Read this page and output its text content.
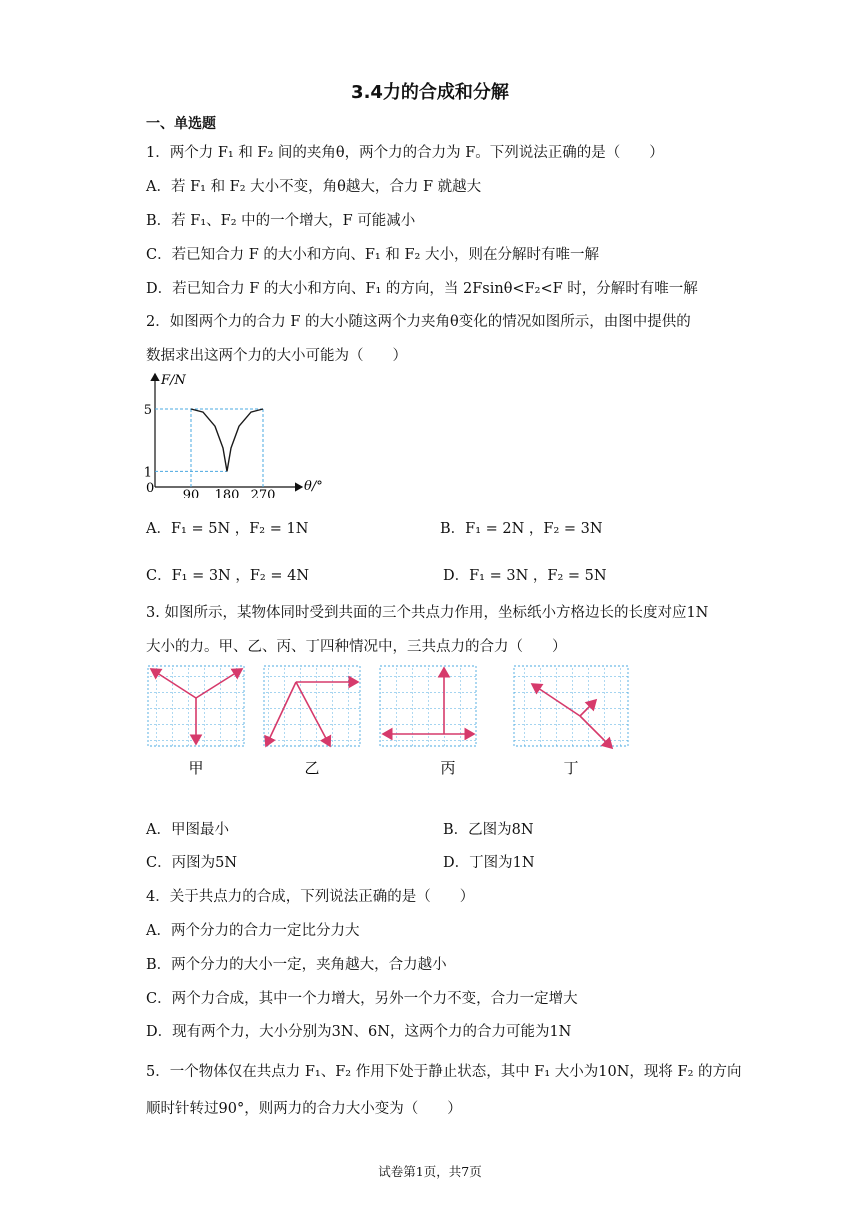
3.4力的合成和分解
一、单选题
1．两个力 F₁ 和 F₂ 间的夹角θ，两个力的合力为 F。下列说法正确的是（　　）
A．若 F₁ 和 F₂ 大小不变，角θ越大，合力 F 就越大
B．若 F₁、F₂ 中的一个增大，F 可能减小
C．若已知合力 F 的大小和方向、F₁ 和 F₂ 大小，则在分解时有唯一解
D．若已知合力 F 的大小和方向、F₁ 的方向，当 2Fsinθ<F₂<F 时，分解时有唯一解
2．如图两个力的合力 F 的大小随这两个力夹角θ变化的情况如图所示，由图中提供的
数据求出这两个力的大小可能为（　　）
F/N
θ/°
0 90 180 270
1
5
A．F₁ = 5N ，F₂ = 1N	B．F₁ = 2N ，F₂ = 3N
C．F₁ = 3N ，F₂ = 4N	D．F₁ = 3N ，F₂ = 5N
3. 如图所示，某物体同时受到共面的三个共点力作用，坐标纸小方格边长的长度对应1N
大小的力。甲、乙、丙、丁四种情况中，三共点力的合力（　　）
甲	乙	丙	丁
A．甲图最小	B．乙图为8N
C．丙图为5N	D．丁图为1N
4．关于共点力的合成，下列说法正确的是（　　）
A．两个分力的合力一定比分力大
B．两个分力的大小一定，夹角越大，合力越小
C．两个力合成，其中一个力增大，另外一个力不变，合力一定增大
D．现有两个力，大小分别为3N、6N，这两个力的合力可能为1N
5．一个物体仅在共点力 F₁、F₂ 作用下处于静止状态，其中 F₁ 大小为10N，现将 F₂ 的方向
顺时针转过90°，则两力的合力大小变为（　　）
试卷第1页，共7页
